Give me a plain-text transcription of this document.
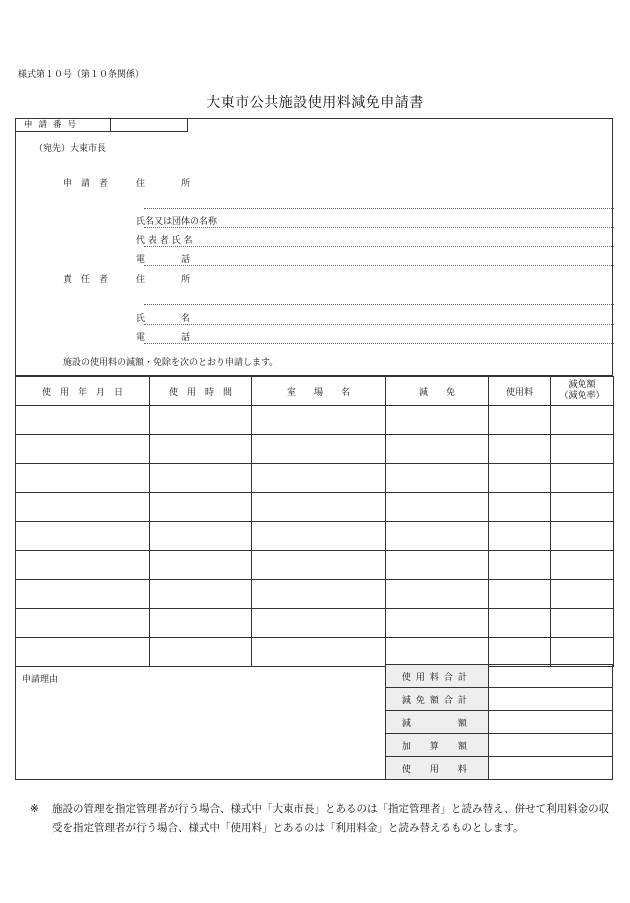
様式第１０号（第１０条関係）
大東市公共施設使用料減免申請書
（宛先）大東市長
申　請　者	住　　　　所
氏名又は団体の名称
代 表 者 氏 名
電　　　　話
責　任　者	住　　　　所
氏　　　　名
電　　　　話
施設の使用料の減額・免除を次のとおり申請します。
申請番号
使　用　年　月　日	使　用　時　間	室　　場　　名	減　　免	使用料	減免額
（減免率）

申請理由	使用料合計	
減免額合計	
減　　　額	
加　算　額	
使　用　料	
※	施設の管理を指定管理者が行う場合、様式中「大東市長」とあるのは「指定管理者」と読み替え、併せて利用料金の収受を指定管理者が行う場合、様式中「使用料」とあるのは「利用料金」と読み替えるものとします。
